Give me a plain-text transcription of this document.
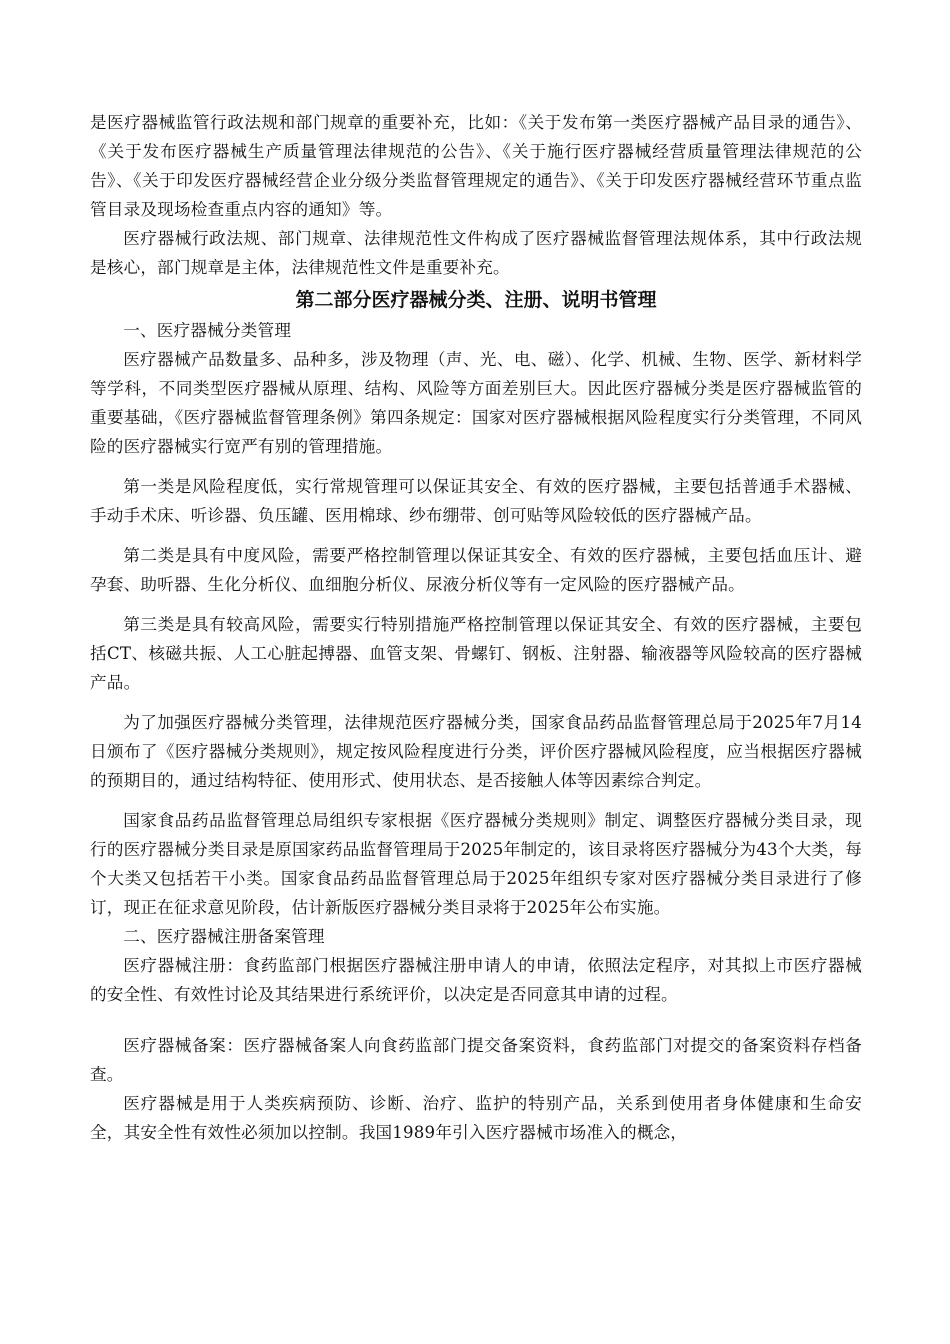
是医疗器械监管行政法规和部门规章的重要补充，比如：《关于发布第一类医疗器械产品目录的通告》、《关于发布医疗器械生产质量管理法律规范的公告》、《关于施行医疗器械经营质量管理法律规范的公告》、《关于印发医疗器械经营企业分级分类监督管理规定的通告》、《关于印发医疗器械经营环节重点监管目录及现场检查重点内容的通知》等。

医疗器械行政法规、部门规章、法律规范性文件构成了医疗器械监督管理法规体系，其中行政法规是核心，部门规章是主体，法律规范性文件是重要补充。

第二部分医疗器械分类、注册、说明书管理

一、医疗器械分类管理

医疗器械产品数量多、品种多，涉及物理（声、光、电、磁）、化学、机械、生物、医学、新材料学等学科，不同类型医疗器械从原理、结构、风险等方面差别巨大。因此医疗器械分类是医疗器械监管的重要基础，《医疗器械监督管理条例》第四条规定：国家对医疗器械根据风险程度实行分类管理，不同风险的医疗器械实行宽严有别的管理措施。

第一类是风险程度低，实行常规管理可以保证其安全、有效的医疗器械，主要包括普通手术器械、手动手术床、听诊器、负压罐、医用棉球、纱布绷带、创可贴等风险较低的医疗器械产品。

第二类是具有中度风险，需要严格控制管理以保证其安全、有效的医疗器械，主要包括血压计、避孕套、助听器、生化分析仪、血细胞分析仪、尿液分析仪等有一定风险的医疗器械产品。

第三类是具有较高风险，需要实行特别措施严格控制管理以保证其安全、有效的医疗器械，主要包括CT、核磁共振、人工心脏起搏器、血管支架、骨螺钉、钢板、注射器、输液器等风险较高的医疗器械产品。

为了加强医疗器械分类管理，法律规范医疗器械分类，国家食品药品监督管理总局于2025年7月14日颁布了《医疗器械分类规则》，规定按风险程度进行分类，评价医疗器械风险程度，应当根据医疗器械的预期目的，通过结构特征、使用形式、使用状态、是否接触人体等因素综合判定。

国家食品药品监督管理总局组织专家根据《医疗器械分类规则》制定、调整医疗器械分类目录，现行的医疗器械分类目录是原国家药品监督管理局于2025年制定的，该目录将医疗器械分为43个大类，每个大类又包括若干小类。国家食品药品监督管理总局于2025年组织专家对医疗器械分类目录进行了修订，现正在征求意见阶段，估计新版医疗器械分类目录将于2025年公布实施。

二、医疗器械注册备案管理

医疗器械注册：食药监部门根据医疗器械注册申请人的申请，依照法定程序，对其拟上市医疗器械的安全性、有效性讨论及其结果进行系统评价，以决定是否同意其申请的过程。

医疗器械备案：医疗器械备案人向食药监部门提交备案资料，食药监部门对提交的备案资料存档备查。

医疗器械是用于人类疾病预防、诊断、治疗、监护的特别产品，关系到使用者身体健康和生命安全，其安全性有效性必须加以控制。我国1989年引入医疗器械市场准入的概念，
